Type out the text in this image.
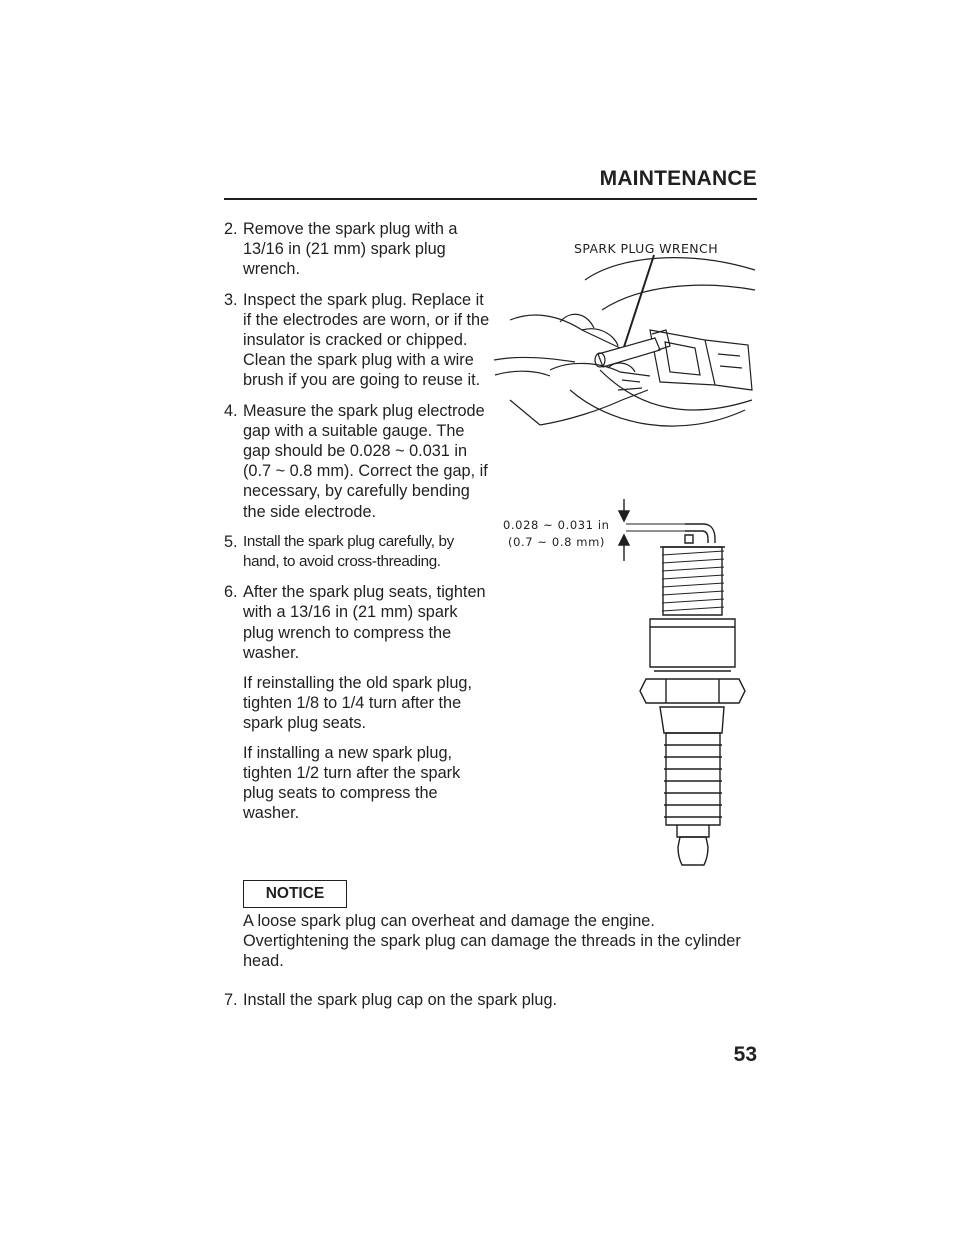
MAINTENANCE
2. Remove the spark plug with a 13/16 in (21 mm) spark plug wrench.
3. Inspect the spark plug. Replace it if the electrodes are worn, or if the insulator is cracked or chipped. Clean the spark plug with a wire brush if you are going to reuse it.
4. Measure the spark plug electrode gap with a suitable gauge. The gap should be 0.028 ~ 0.031 in (0.7 ~ 0.8 mm). Correct the gap, if necessary, by carefully bending the side electrode.
5. Install the spark plug carefully, by hand, to avoid cross-threading.
6. After the spark plug seats, tighten with a 13/16 in (21 mm) spark plug wrench to compress the washer.

If reinstalling the old spark plug, tighten 1/8 to 1/4 turn after the spark plug seats.

If installing a new spark plug, tighten 1/2 turn after the spark plug seats to compress the washer.

NOTICE
A loose spark plug can overheat and damage the engine. Overtightening the spark plug can damage the threads in the cylinder head.
7. Install the spark plug cap on the spark plug.
53
SPARK PLUG WRENCH
0.028 ~ 0.031 in
(0.7 ~ 0.8 mm)
